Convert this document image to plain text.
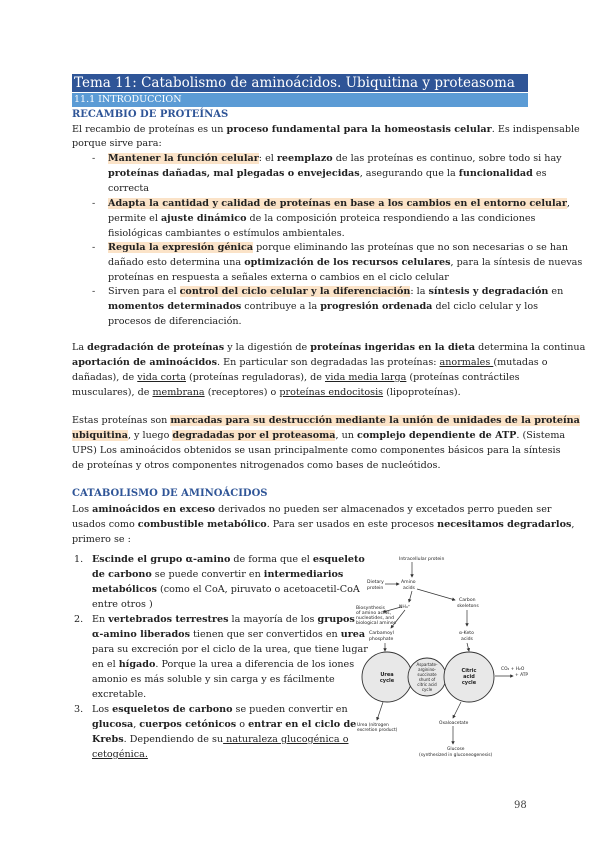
Tema 11: Catabolismo de aminoácidos. Ubiquitina y proteasoma
11.1 INTRODUCCION
RECAMBIO DE PROTEÍNAS
El recambio de proteínas es un proceso fundamental para la homeostasis celular. Es indispensable
porque sirve para:
- Mantener la función celular: el reemplazo de las proteínas es continuo, sobre todo si hay
proteínas dañadas, mal plegadas o envejecidas, asegurando que la funcionalidad es
correcta
- Adapta la cantidad y calidad de proteínas en base a los cambios en el entorno celular,
permite el ajuste dinámico de la composición proteica respondiendo a las condiciones
fisiológicas cambiantes o estímulos ambientales.
- Regula la expresión génica porque eliminando las proteínas que no son necesarias o se han
dañado esto determina una optimización de los recursos celulares, para la síntesis de nuevas
proteínas en respuesta a señales externa o cambios en el ciclo celular
- Sirven para el control del ciclo celular y la diferenciación: la síntesis y degradación en
momentos determinados contribuye a la progresión ordenada del ciclo celular y los
procesos de diferenciación.
La degradación de proteínas y la digestión de proteínas ingeridas en la dieta determina la continua
aportación de aminoácidos. En particular son degradadas las proteínas: anormales (mutadas o
dañadas), de vida corta (proteínas reguladoras), de vida media larga (proteínas contráctiles
musculares), de membrana (receptores) o proteínas endocitosis (lipoproteínas).
Estas proteínas son marcadas para su destrucción mediante la unión de unidades de la proteína
ubiquitina, y luego degradadas por el proteasoma, un complejo dependiente de ATP. (Sistema
UPS) Los aminoácidos obtenidos se usan principalmente como componentes básicos para la síntesis
de proteínas y otros componentes nitrogenados como bases de nucleótidos.
CATABOLISMO DE AMINOÁCIDOS
Los aminoácidos en exceso derivados no pueden ser almacenados y excetados perro pueden ser
usados como combustible metabólico. Para ser usados en este procesos necesitamos degradarlos,
primero se :
1. Escinde el grupo α-amino de forma que el esqueleto
de carbono se puede convertir en intermediarios
metabólicos (como el CoA, piruvato o acetoacetil-CoA
entre otros )
2. En vertebrados terrestres la mayoría de los grupos
α-amino liberados tienen que ser convertidos en urea
para su excreción por el ciclo de la urea, que tiene lugar
en el hígado. Porque la urea a diferencia de los iones
amonio es más soluble y sin carga y es fácilmente
excretable.
3. Los esqueletos de carbono se pueden convertir en
glucosa, cuerpos cetónicos o entrar en el ciclo de
Krebs. Dependiendo de su naturaleza glucogénica o
cetogénica.
Intracellular protein
Dietary
protein
Amino
acids
NH₄⁺
Carbon
skeletons
Biosynthesis
of amino acids,
nucleotides, and
biological amines
Carbamoyl
phosphate
α-Keto
acids
Urea
cycle
Citric
acid
cycle
Aspartate-
argininо-
succinate
shunt of
citric acid
cycle
CO₂ + H₂O
+ ATP
Urea (nitrogen
excretion product)
Oxaloacetate
Glucose
(synthesized in gluconeogenesis)
98
